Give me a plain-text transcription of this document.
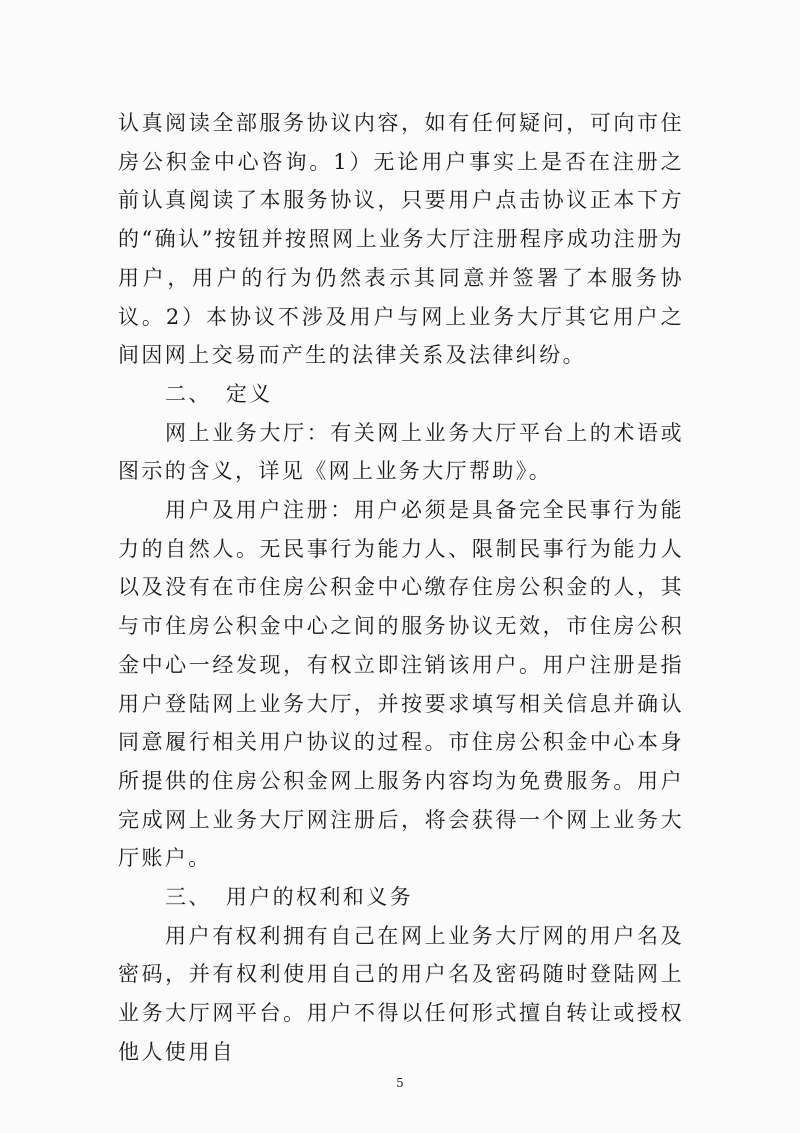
认真阅读全部服务协议内容，如有任何疑问，可向市住房公积金中心咨询。1）无论用户事实上是否在注册之前认真阅读了本服务协议，只要用户点击协议正本下方的“确认”按钮并按照网上业务大厅注册程序成功注册为用户，用户的行为仍然表示其同意并签署了本服务协议。2）本协议不涉及用户与网上业务大厅其它用户之间因网上交易而产生的法律关系及法律纠纷。

二、 定义

网上业务大厅：有关网上业务大厅平台上的术语或图示的含义，详见《网上业务大厅帮助》。

用户及用户注册：用户必须是具备完全民事行为能力的自然人。无民事行为能力人、限制民事行为能力人以及没有在市住房公积金中心缴存住房公积金的人，其与市住房公积金中心之间的服务协议无效，市住房公积金中心一经发现，有权立即注销该用户。用户注册是指用户登陆网上业务大厅，并按要求填写相关信息并确认同意履行相关用户协议的过程。市住房公积金中心本身所提供的住房公积金网上服务内容均为免费服务。用户完成网上业务大厅网注册后，将会获得一个网上业务大厅账户。

三、 用户的权利和义务

用户有权利拥有自己在网上业务大厅网的用户名及密码，并有权利使用自己的用户名及密码随时登陆网上业务大厅网平台。用户不得以任何形式擅自转让或授权他人使用自

5
